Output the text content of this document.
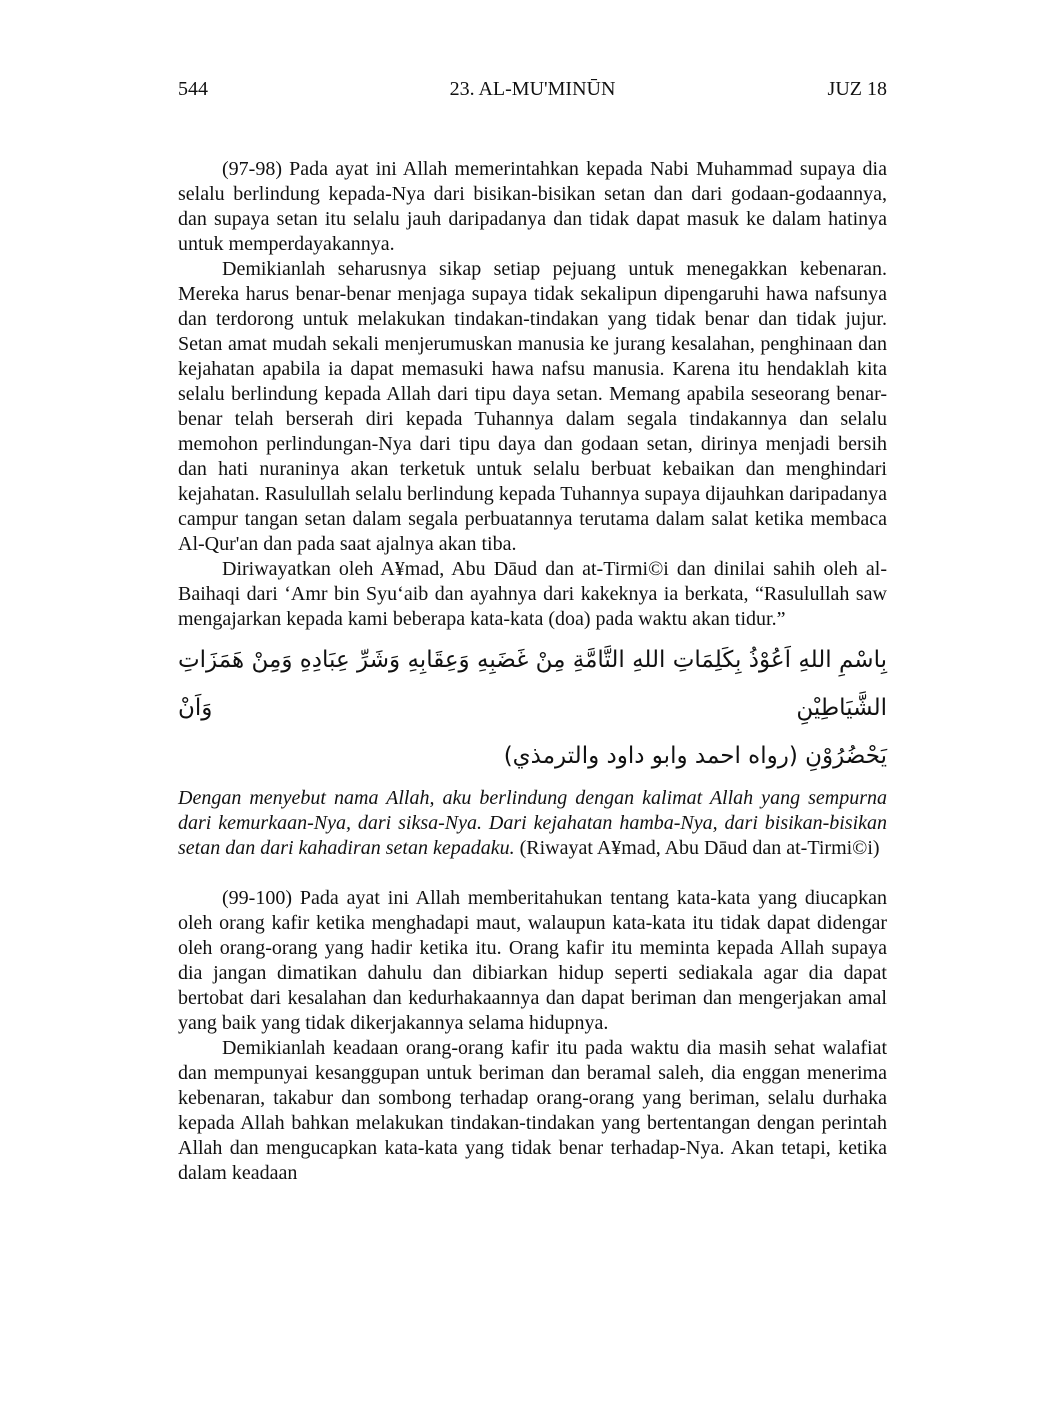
544	23. AL-MU'MINŪN	JUZ 18

(97-98) Pada ayat ini Allah memerintahkan kepada Nabi Muhammad supaya dia selalu berlindung kepada-Nya dari bisikan-bisikan setan dan dari godaan-godaannya, dan supaya setan itu selalu jauh daripadanya dan tidak dapat masuk ke dalam hatinya untuk memperdayakannya.

Demikianlah seharusnya sikap setiap pejuang untuk menegakkan kebenaran. Mereka harus benar-benar menjaga supaya tidak sekalipun dipengaruhi hawa nafsunya dan terdorong untuk melakukan tindakan-tindakan yang tidak benar dan tidak jujur. Setan amat mudah sekali menjerumuskan manusia ke jurang kesalahan, penghinaan dan kejahatan apabila ia dapat memasuki hawa nafsu manusia. Karena itu hendaklah kita selalu berlindung kepada Allah dari tipu daya setan. Memang apabila seseorang benar-benar telah berserah diri kepada Tuhannya dalam segala tindakannya dan selalu memohon perlindungan-Nya dari tipu daya dan godaan setan, dirinya menjadi bersih dan hati nuraninya akan terketuk untuk selalu berbuat kebaikan dan menghindari kejahatan. Rasulullah selalu berlindung kepada Tuhannya supaya dijauhkan daripadanya campur tangan setan dalam segala perbuatannya terutama dalam salat ketika membaca Al-Qur'an dan pada saat ajalnya akan tiba.

Diriwayatkan oleh A¥mad, Abu Dāud dan at-Tirmi©i dan dinilai sahih oleh al-Baihaqi dari ‘Amr bin Syu‘aib dan ayahnya dari kakeknya ia berkata, “Rasulullah saw mengajarkan kepada kami beberapa kata-kata (doa) pada waktu akan tidur.”

بِاسْمِ اللهِ اَعُوْذُ بِكَلِمَاتِ اللهِ التَّامَّةِ مِنْ غَضَبِهِ وَعِقَابِهِ وَشَرِّ عِبَادِهِ وَمِنْ هَمَزَاتِ الشَّيَاطِيْنِ وَاَنْ
يَحْضُرُوْنِ (رواه احمد وابو داود والترمذي)

Dengan menyebut nama Allah, aku berlindung dengan kalimat Allah yang sempurna dari kemurkaan-Nya, dari siksa-Nya. Dari kejahatan hamba-Nya, dari bisikan-bisikan setan dan dari kahadiran setan kepadaku. (Riwayat A¥mad, Abu Dāud dan at-Tirmi©i)

(99-100) Pada ayat ini Allah memberitahukan tentang kata-kata yang diucapkan oleh orang kafir ketika menghadapi maut, walaupun kata-kata itu tidak dapat didengar oleh orang-orang yang hadir ketika itu. Orang kafir itu meminta kepada Allah supaya dia jangan dimatikan dahulu dan dibiarkan hidup seperti sediakala agar dia dapat bertobat dari kesalahan dan kedurhakaannya dan dapat beriman dan mengerjakan amal yang baik yang tidak dikerjakannya selama hidupnya.

Demikianlah keadaan orang-orang kafir itu pada waktu dia masih sehat walafiat dan mempunyai kesanggupan untuk beriman dan beramal saleh, dia enggan menerima kebenaran, takabur dan sombong terhadap orang-orang yang beriman, selalu durhaka kepada Allah bahkan melakukan tindakan-tindakan yang bertentangan dengan perintah Allah dan mengucapkan kata-kata yang tidak benar terhadap-Nya. Akan tetapi, ketika dalam keadaan
